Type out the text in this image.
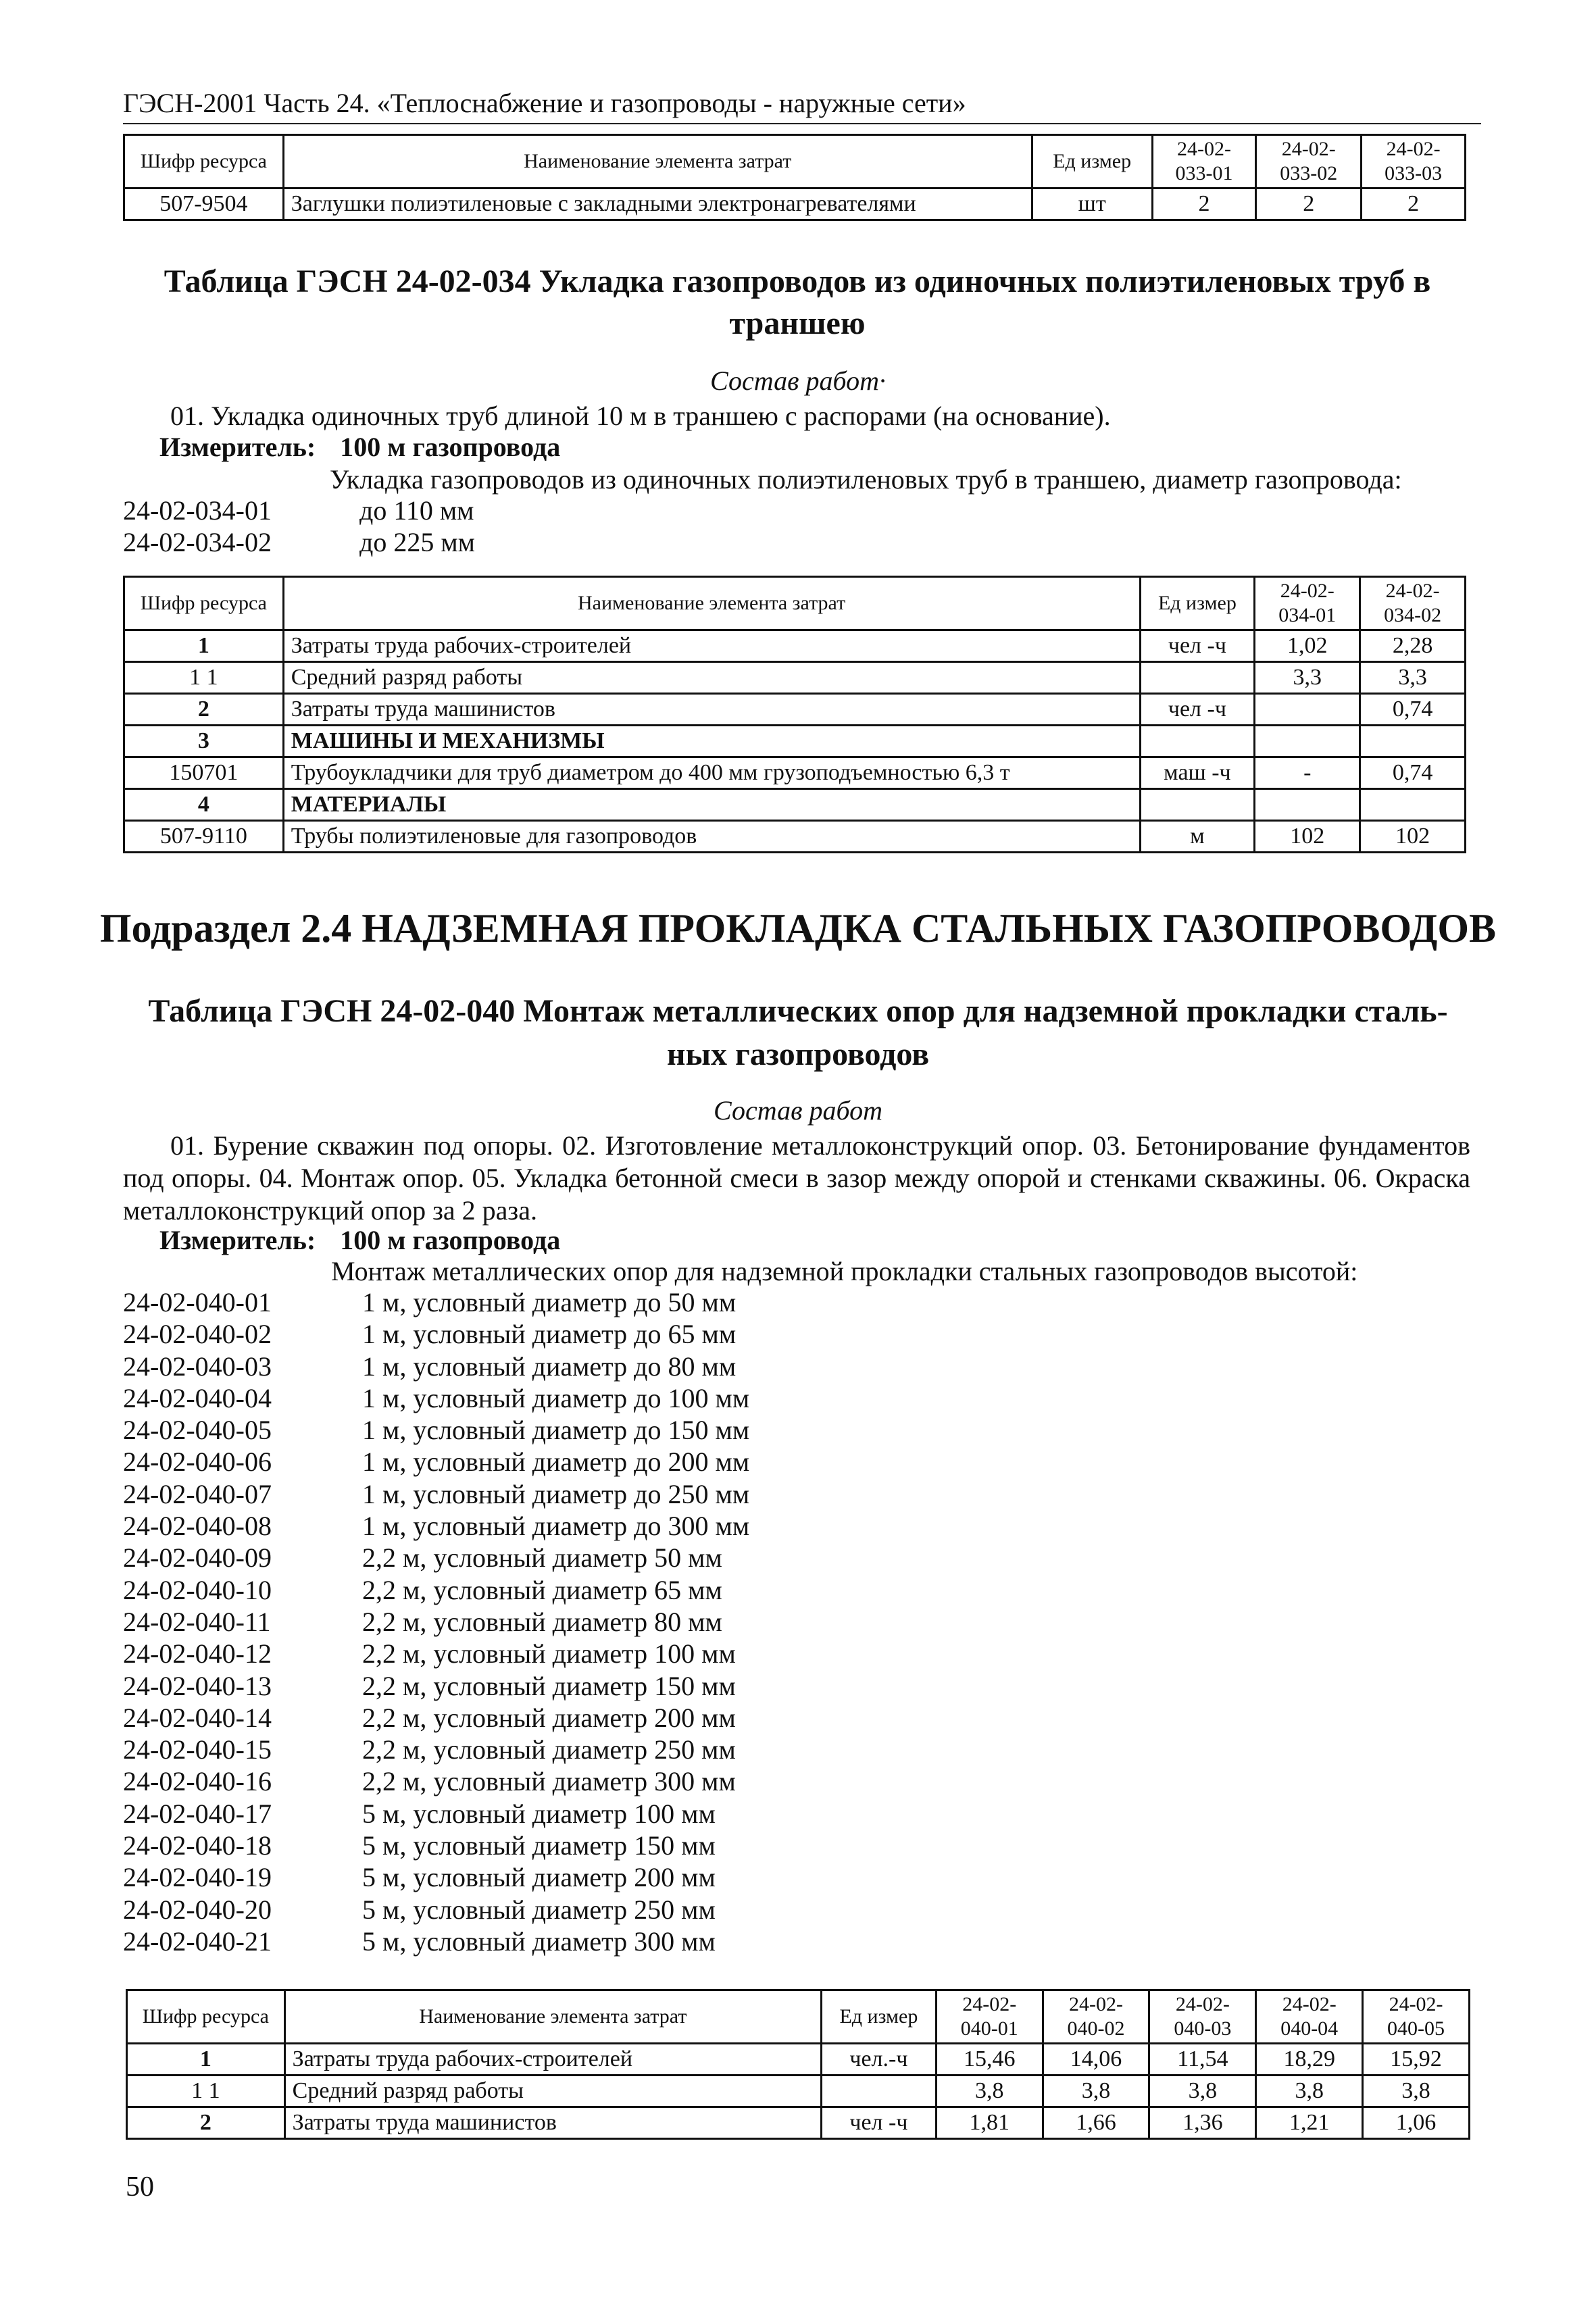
ГЭСН-2001 Часть 24. «Теплоснабжение и газопроводы - наружные сети»
Шифр ресурса	Наименование элемента затрат	Ед измер	24-02-033-01	24-02-033-02	24-02-033-03
507-9504	Заглушки полиэтиленовые с закладными электронагревателями	шт	2	2	2
Таблица ГЭСН 24-02-034 Укладка газопроводов из одиночных полиэтиленовых труб в траншею
Состав работ·
01. Укладка одиночных труб длиной 10 м в траншею с распорами (на основание).
Измеритель: 100 м газопровода
Укладка газопроводов из одиночных полиэтиленовых труб в траншею, диаметр газопровода:
24-02-034-01	до 110 мм
24-02-034-02	до 225 мм
Шифр ресурса	Наименование элемента затрат	Ед измер	24-02-034-01	24-02-034-02
1	Затраты труда рабочих-строителей	чел -ч	1,02	2,28
1 1	Средний разряд работы		3,3	3,3
2	Затраты труда машинистов	чел -ч		0,74
3	МАШИНЫ И МЕХАНИЗМЫ			
150701	Трубоукладчики для труб диаметром до 400 мм грузоподъемностью 6,3 т	маш -ч	-	0,74
4	МАТЕРИАЛЫ			
507-9110	Трубы полиэтиленовые для газопроводов	м	102	102
Подраздел 2.4 НАДЗЕМНАЯ ПРОКЛАДКА СТАЛЬНЫХ ГАЗОПРОВОДОВ
Таблица ГЭСН 24-02-040 Монтаж металлических опор для надземной прокладки сталь-
ных газопроводов
Состав работ
01. Бурение скважин под опоры. 02. Изготовление металлоконструкций опор. 03. Бетонирование фундаментов под опоры. 04. Монтаж опор. 05. Укладка бетонной смеси в зазор между опорой и стенками скважины. 06. Окраска металлоконструкций опор за 2 раза.
Измеритель: 100 м газопровода
Монтаж металлических опор для надземной прокладки стальных газопроводов высотой:
24-02-040-01	1 м, условный диаметр до 50 мм
24-02-040-02	1 м, условный диаметр до 65 мм
24-02-040-03	1 м, условный диаметр до 80 мм
24-02-040-04	1 м, условный диаметр до 100 мм
24-02-040-05	1 м, условный диаметр до 150 мм
24-02-040-06	1 м, условный диаметр до 200 мм
24-02-040-07	1 м, условный диаметр до 250 мм
24-02-040-08	1 м, условный диаметр до 300 мм
24-02-040-09	2,2 м, условный диаметр 50 мм
24-02-040-10	2,2 м, условный диаметр 65 мм
24-02-040-11	2,2 м, условный диаметр 80 мм
24-02-040-12	2,2 м, условный диаметр 100 мм
24-02-040-13	2,2 м, условный диаметр 150 мм
24-02-040-14	2,2 м, условный диаметр 200 мм
24-02-040-15	2,2 м, условный диаметр 250 мм
24-02-040-16	2,2 м, условный диаметр 300 мм
24-02-040-17	5 м, условный диаметр 100 мм
24-02-040-18	5 м, условный диаметр 150 мм
24-02-040-19	5 м, условный диаметр 200 мм
24-02-040-20	5 м, условный диаметр 250 мм
24-02-040-21	5 м, условный диаметр 300 мм
Шифр ресурса	Наименование элемента затрат	Ед измер	24-02-040-01	24-02-040-02	24-02-040-03	24-02-040-04	24-02-040-05
1	Затраты труда рабочих-строителей	чел.-ч	15,46	14,06	11,54	18,29	15,92
1 1	Средний разряд работы		3,8	3,8	3,8	3,8	3,8
2	Затраты труда машинистов	чел -ч	1,81	1,66	1,36	1,21	1,06
50
